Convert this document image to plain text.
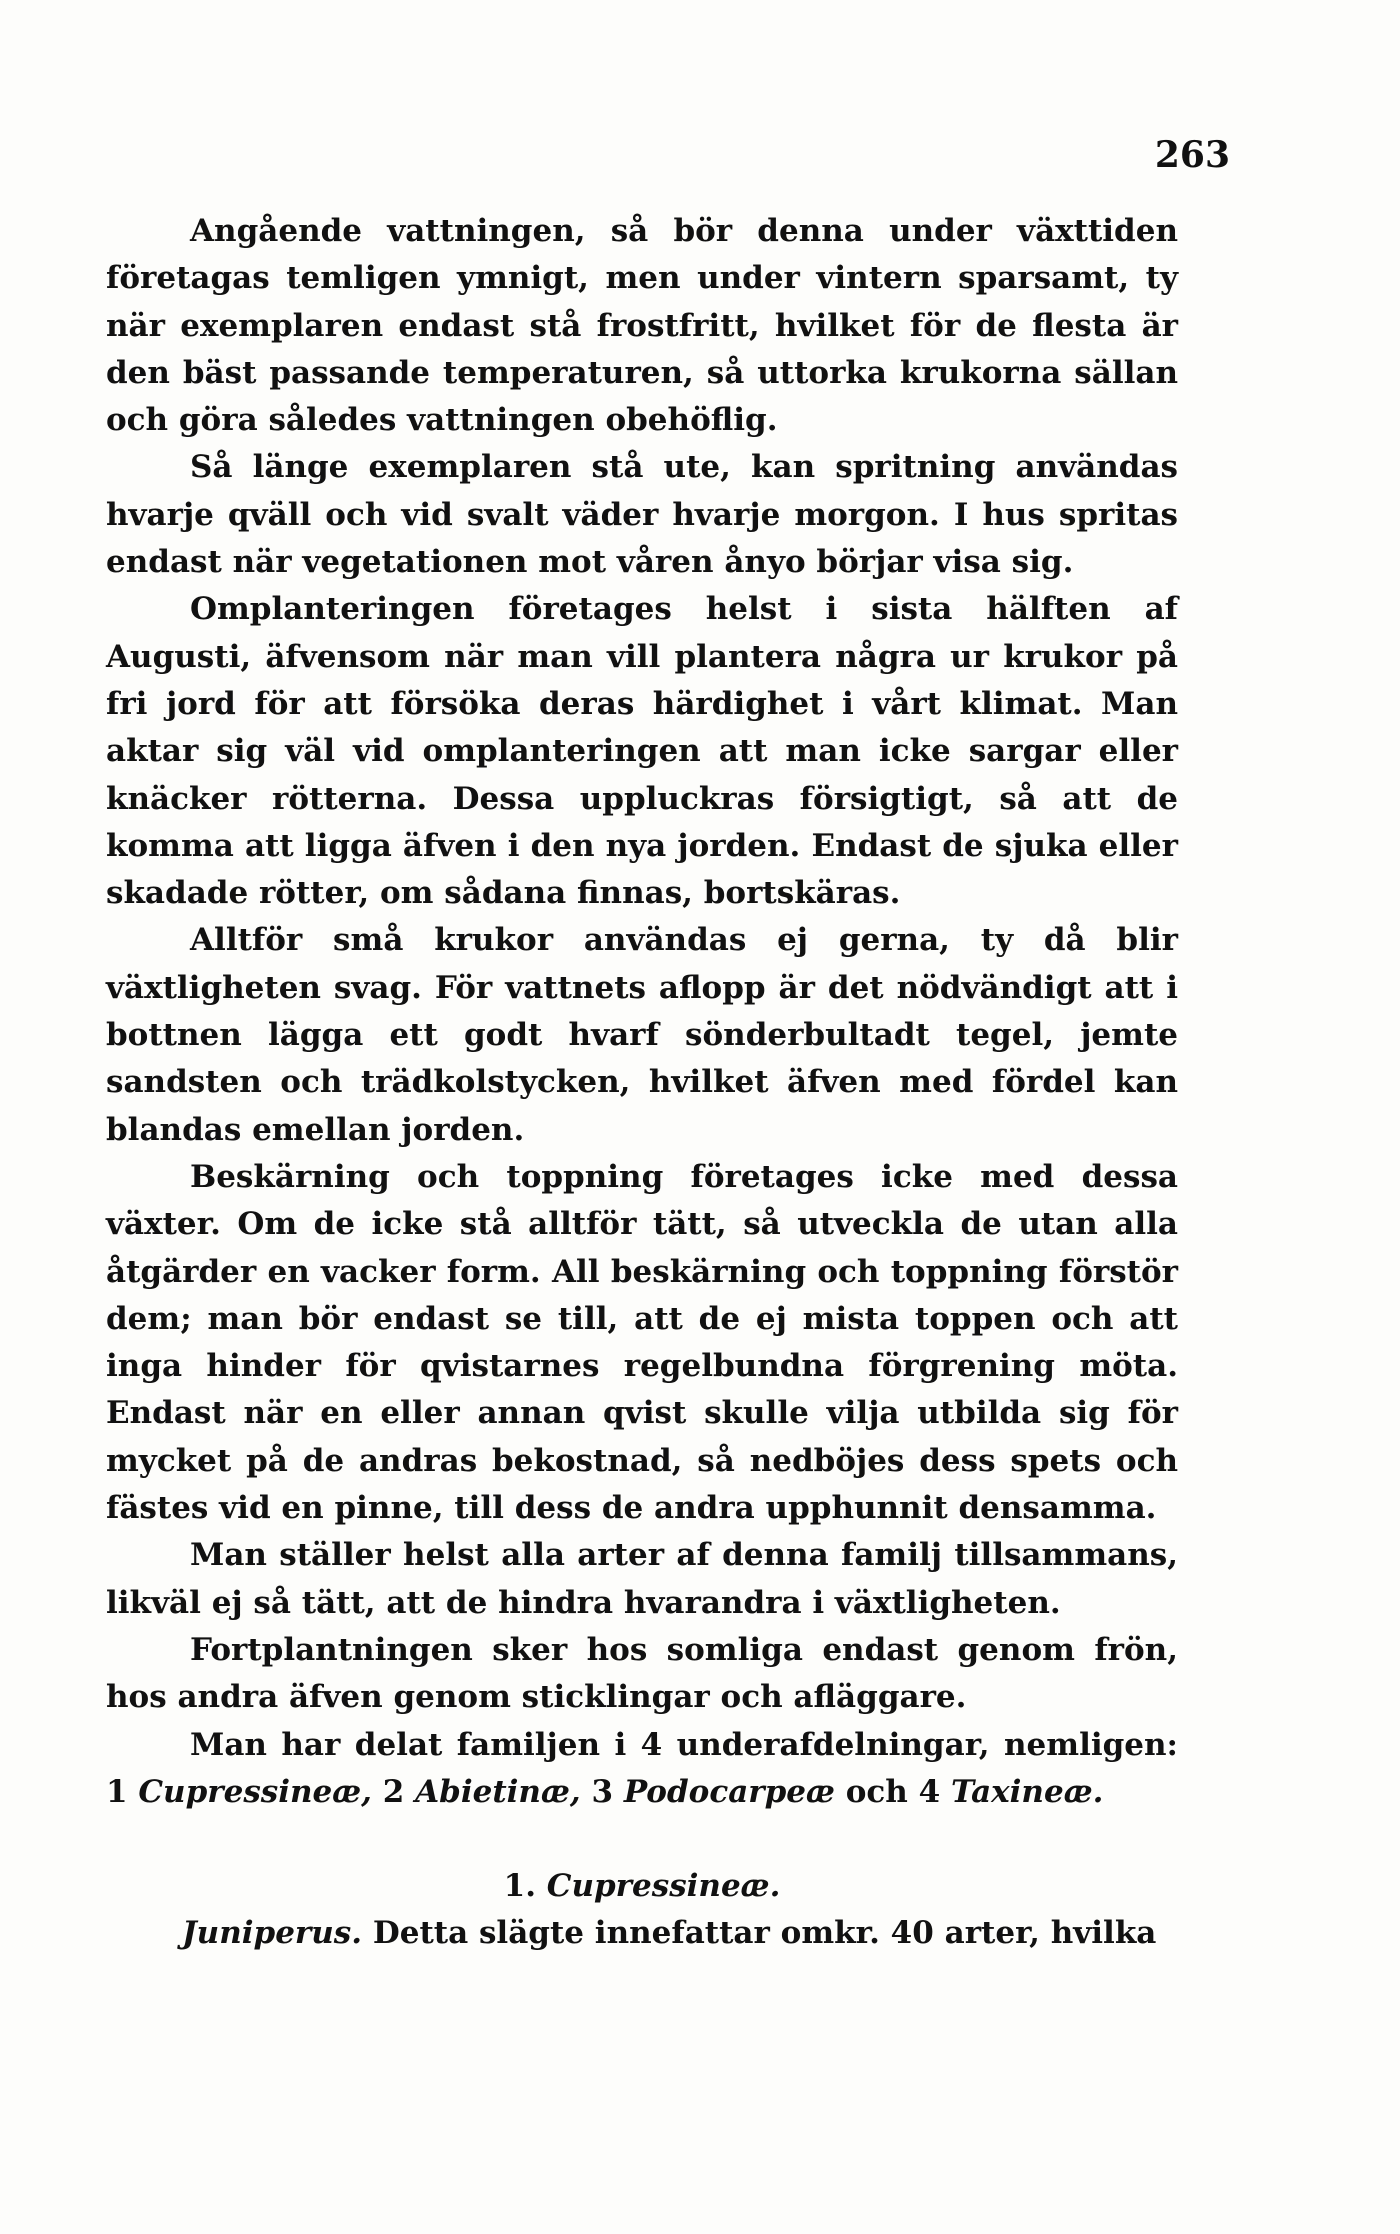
263

Angående vattningen, så bör denna under växttiden företagas temligen ymnigt, men under vintern sparsamt, ty när exemplaren endast stå frostfritt, hvilket för de flesta är den bäst passande temperaturen, så uttorka krukorna sällan och göra således vattningen obehöflig.

Så länge exemplaren stå ute, kan spritning användas hvarje qväll och vid svalt väder hvarje morgon. I hus spritas endast när vegetationen mot våren ånyo börjar visa sig.

Omplanteringen företages helst i sista hälften af Augusti, äfvensom när man vill plantera några ur krukor på fri jord för att försöka deras härdighet i vårt klimat. Man aktar sig väl vid omplanteringen att man icke sargar eller knäcker rötterna. Dessa uppluckras försigtigt, så att de komma att ligga äfven i den nya jorden. Endast de sjuka eller skadade rötter, om sådana finnas, bortskäras.

Alltför små krukor användas ej gerna, ty då blir växtligheten svag. För vattnets aflopp är det nödvändigt att i bottnen lägga ett godt hvarf sönderbultadt tegel, jemte sandsten och trädkolstycken, hvilket äfven med fördel kan blandas emellan jorden.

Beskärning och toppning företages icke med dessa växter. Om de icke stå alltför tätt, så utveckla de utan alla åtgärder en vacker form. All beskärning och toppning förstör dem; man bör endast se till, att de ej mista toppen och att inga hinder för qvistarnes regelbundna förgrening möta. Endast när en eller annan qvist skulle vilja utbilda sig för mycket på de andras bekostnad, så nedböjes dess spets och fästes vid en pinne, till dess de andra upphunnit densamma.

Man ställer helst alla arter af denna familj tillsammans, likväl ej så tätt, att de hindra hvarandra i växtligheten.

Fortplantningen sker hos somliga endast genom frön, hos andra äfven genom sticklingar och afläggare.

Man har delat familjen i 4 underafdelningar, nemligen: 1 Cupressineæ, 2 Abietinæ, 3 Podocarpeæ och 4 Taxineæ.

1. Cupressineæ.

Juniperus. Detta slägte innefattar omkr. 40 arter, hvilka
